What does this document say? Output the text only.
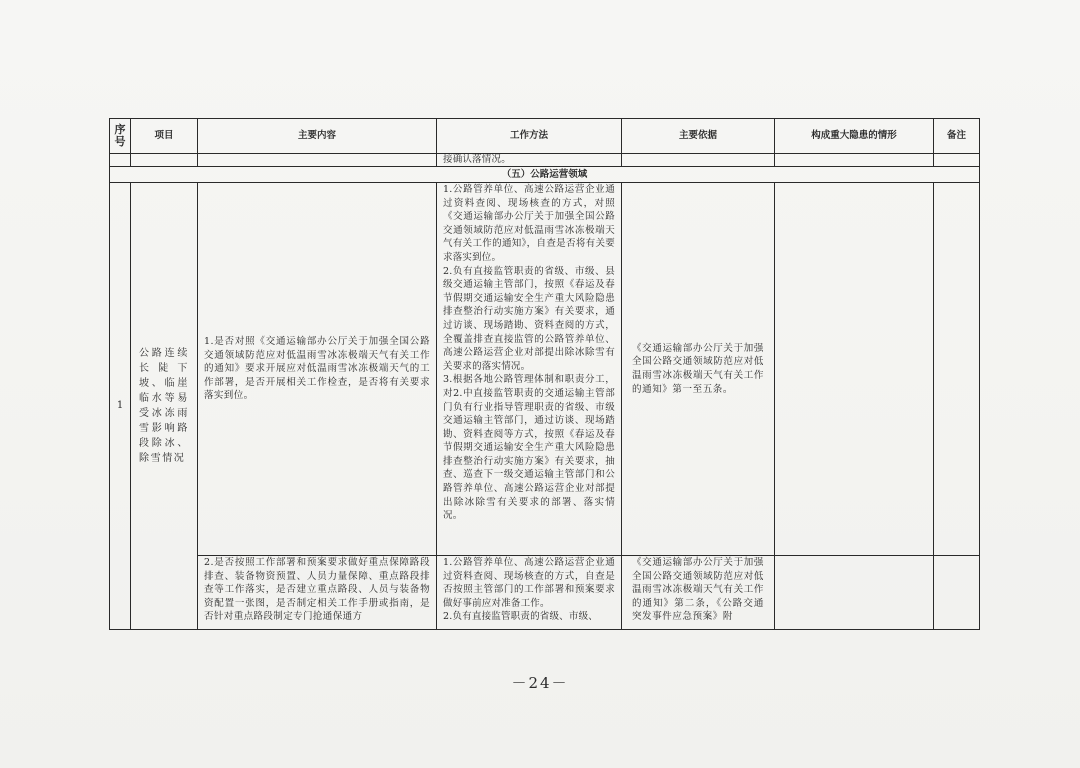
序号	项目	主要内容	工作方法	主要依据	构成重大隐患的情形	备注

			接确认落情况。			

（五）公路运营领域						
1	公路连续长陡下坡、临崖临水等易受冰冻雨雪影响路段除冰、除雪情况	1.是否对照《交通运输部办公厅关于加强全国公路交通领域防范应对低温雨雪冰冻极端天气有关工作的通知》要求开展应对低温雨雪冰冻极端天气的工作部署，是否开展相关工作检查，是否将有关要求落实到位。	1.公路管养单位、高速公路运营企业通过资料查阅、现场核查的方式，对照《交通运输部办公厅关于加强全国公路交通领域防范应对低温雨雪冰冻极端天气有关工作的通知》，自查是否将有关要求落实到位。
2.负有直接监管职责的省级、市级、县级交通运输主管部门，按照《春运及春节假期交通运输安全生产重大风险隐患排查整治行动实施方案》有关要求，通过访谈、现场踏勘、资料查阅的方式，全覆盖排查直接监管的公路管养单位、高速公路运营企业对部提出除冰除雪有关要求的落实情况。
3.根据各地公路管理体制和职责分工，对2.中直接监管职责的交通运输主管部门负有行业指导管理职责的省级、市级交通运输主管部门，通过访谈、现场踏勘、资料查阅等方式，按照《春运及春节假期交通运输安全生产重大风险隐患排查整治行动实施方案》有关要求，抽查、巡查下一级交通运输主管部门和公路管养单位、高速公路运营企业对部提出除冰除雪有关要求的部署、落实情况。	《交通运输部办公厅关于加强全国公路交通领域防范应对低温雨雪冰冻极端天气有关工作的通知》第一至五条。		

		2.是否按照工作部署和预案要求做好重点保障路段排查、装备物资预置、人员力量保障、重点路段排查等工作落实，是否建立重点路段、人员与装备物资配置一张图，是否制定相关工作手册或指南，是否针对重点路段制定专门抢通保通方	1.公路管养单位、高速公路运营企业通过资料查阅、现场核查的方式，自查是否按照主管部门的工作部署和预案要求做好事前应对准备工作。
2.负有直接监管职责的省级、市级、	《交通运输部办公厅关于加强全国公路交通领域防范应对低温雨雪冰冻极端天气有关工作的通知》第二条，《公路交通突发事件应急预案》附		

－24－
